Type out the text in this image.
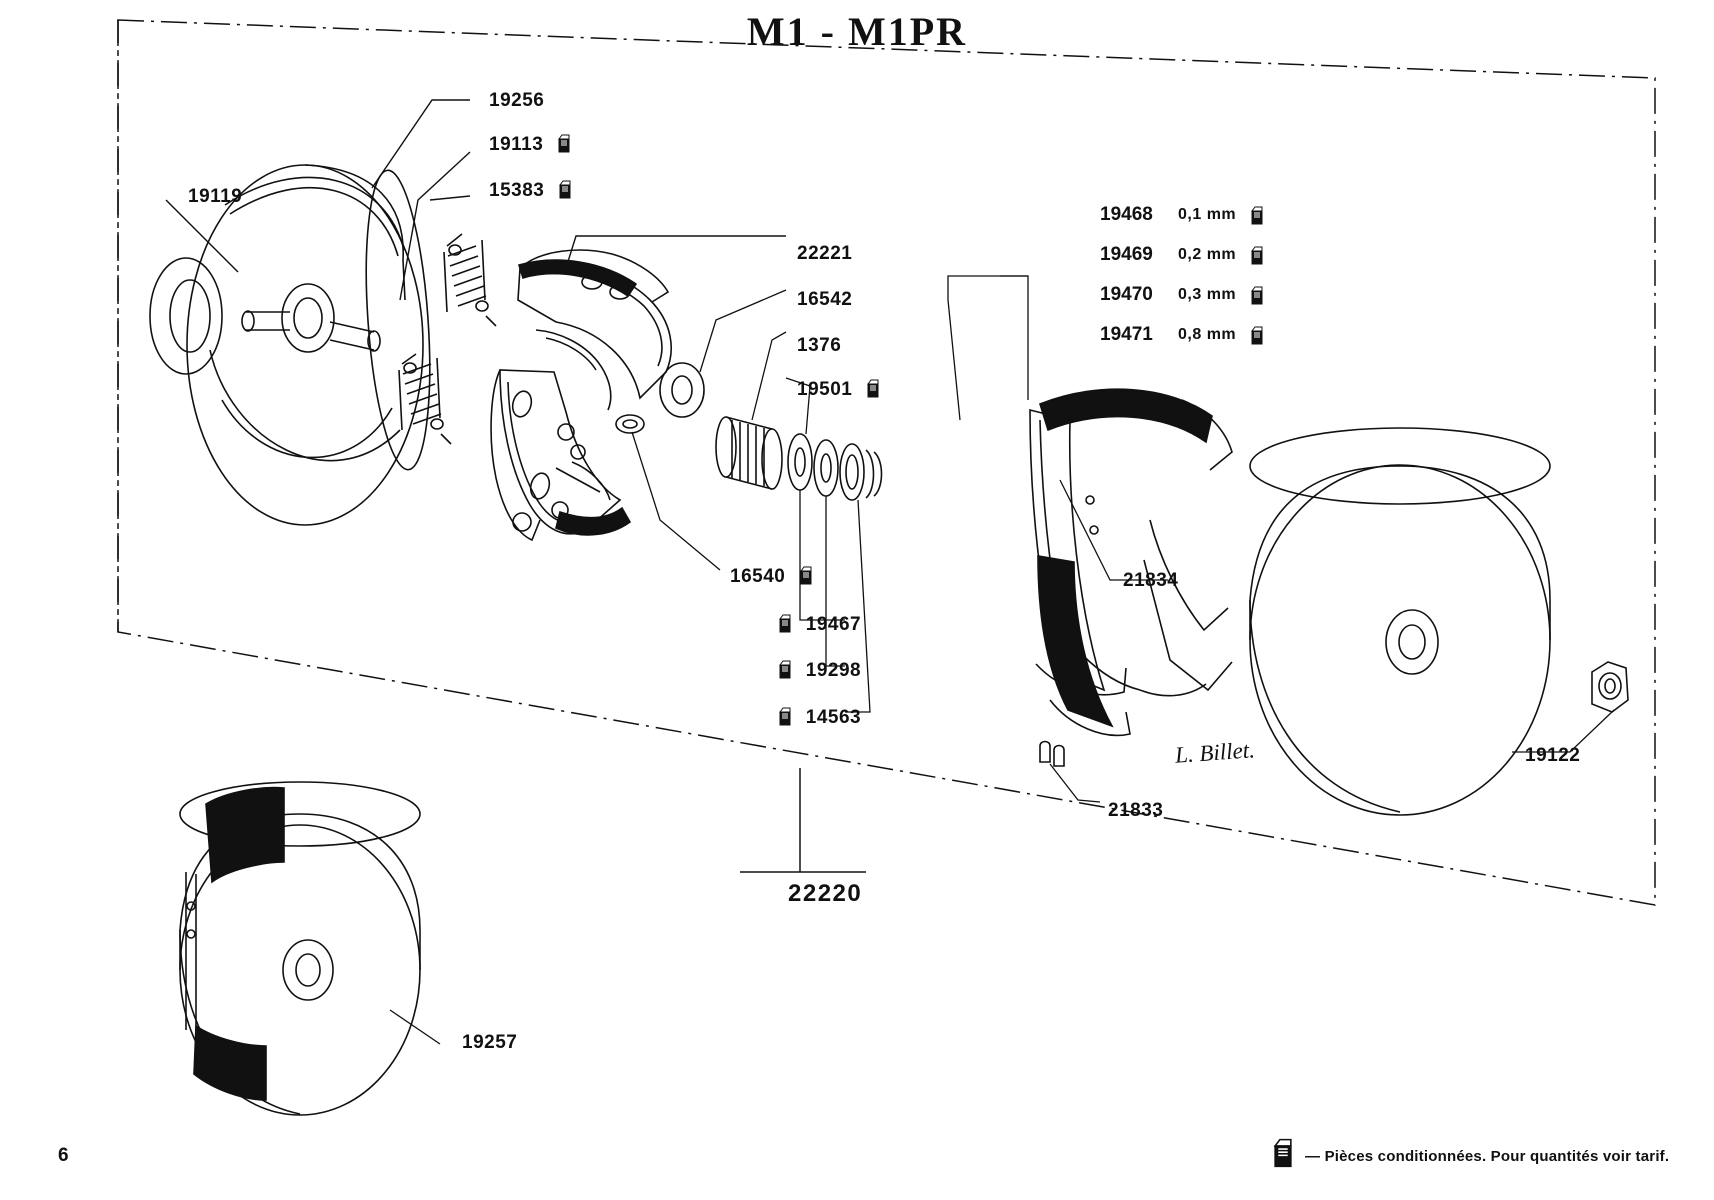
M1 - M1PR
19468	0,1 mm
19469	0,2 mm
19470	0,3 mm
19471	0,8 mm
19119
19256
19113
15383
22221
16542
1376
19501
16540
19467
19298
14563
21834
21833
19122
19257
22220
L. Billet.
6	— Pièces conditionnées. Pour quantités voir tarif.
